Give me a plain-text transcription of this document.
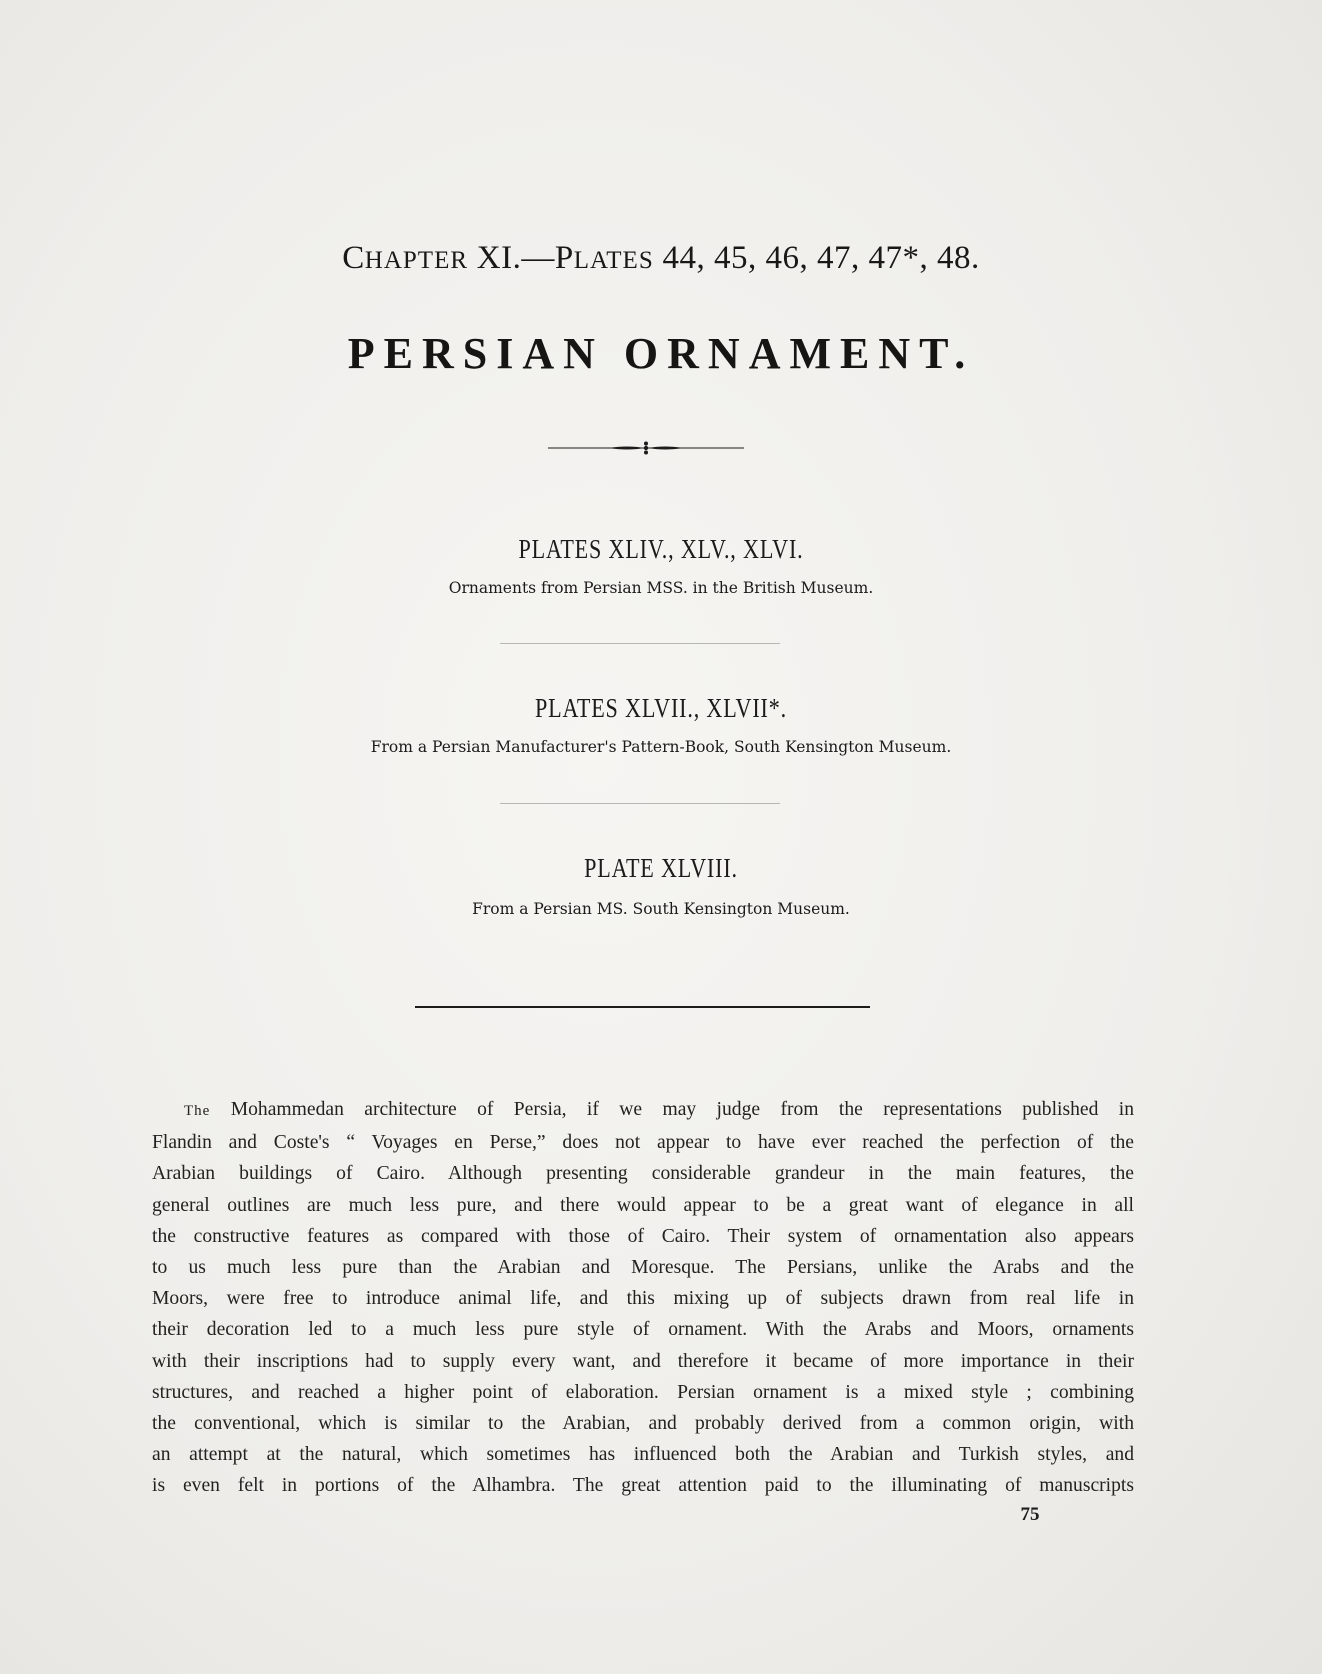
CHAPTER XI.—PLATES 44, 45, 46, 47, 47*, 48.
PERSIAN ORNAMENT.
PLATES XLIV., XLV., XLVI.
Ornaments from Persian MSS. in the British Museum.
PLATES XLVII., XLVII*.
From a Persian Manufacturer's Pattern-Book, South Kensington Museum.
PLATE XLVIII.
From a Persian MS. South Kensington Museum.
The Mohammedan architecture of Persia, if we may judge from the representations published in
Flandin and Coste's “ Voyages en Perse,” does not appear to have ever reached the perfection of the
Arabian buildings of Cairo. Although presenting considerable grandeur in the main features, the
general outlines are much less pure, and there would appear to be a great want of elegance in all
the constructive features as compared with those of Cairo. Their system of ornamentation also appears
to us much less pure than the Arabian and Moresque. The Persians, unlike the Arabs and the
Moors, were free to introduce animal life, and this mixing up of subjects drawn from real life in
their decoration led to a much less pure style of ornament. With the Arabs and Moors, ornaments
with their inscriptions had to supply every want, and therefore it became of more importance in their
structures, and reached a higher point of elaboration. Persian ornament is a mixed style ; combining
the conventional, which is similar to the Arabian, and probably derived from a common origin, with
an attempt at the natural, which sometimes has influenced both the Arabian and Turkish styles, and
is even felt in portions of the Alhambra. The great attention paid to the illuminating of manuscripts
75
